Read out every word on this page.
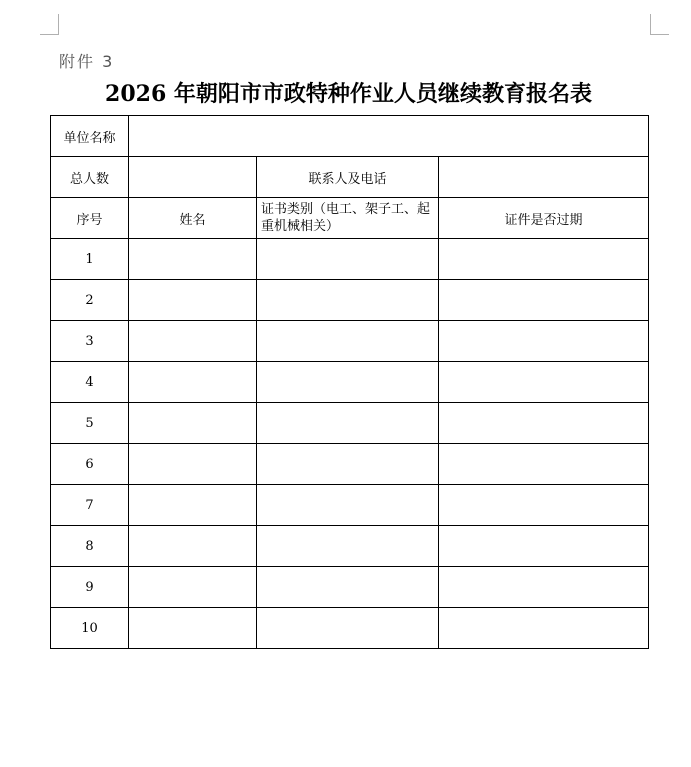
附件 3
2026 年朝阳市市政特种作业人员继续教育报名表
单位名称			
总人数		联系人及电话	
序号	姓名	证书类别（电工、架子工、起重机械相关）	证件是否过期
1			
2			
3			
4			
5			
6			
7			
8			
9			
10			
